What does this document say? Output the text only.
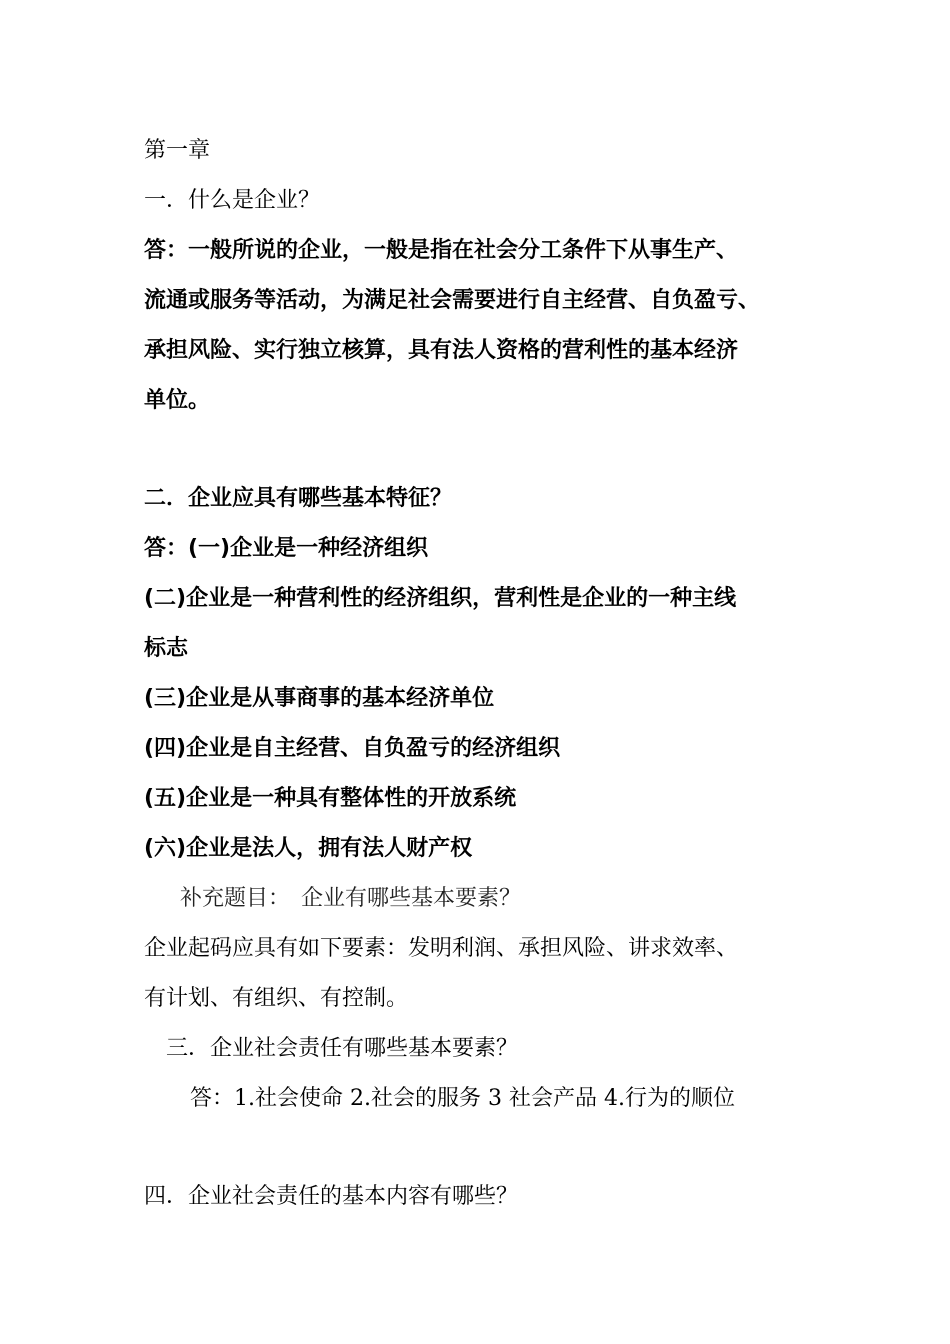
第一章
一．什么是企业？
答：一般所说的企业，一般是指在社会分工条件下从事生产、
流通或服务等活动，为满足社会需要进行自主经营、自负盈亏、
承担风险、实行独立核算，具有法人资格的营利性的基本经济
单位。
二．企业应具有哪些基本特征？
答：(一)企业是一种经济组织
(二)企业是一种营利性的经济组织，营利性是企业的一种主线
标志
(三)企业是从事商事的基本经济单位
(四)企业是自主经营、自负盈亏的经济组织
(五)企业是一种具有整体性的开放系统
(六)企业是法人，拥有法人财产权
补充题目：　企业有哪些基本要素？
企业起码应具有如下要素：发明利润、承担风险、讲求效率、
有计划、有组织、有控制。
三．企业社会责任有哪些基本要素？
答：1.社会使命 2.社会的服务 3 社会产品 4.行为的顺位
四．企业社会责任的基本内容有哪些？
